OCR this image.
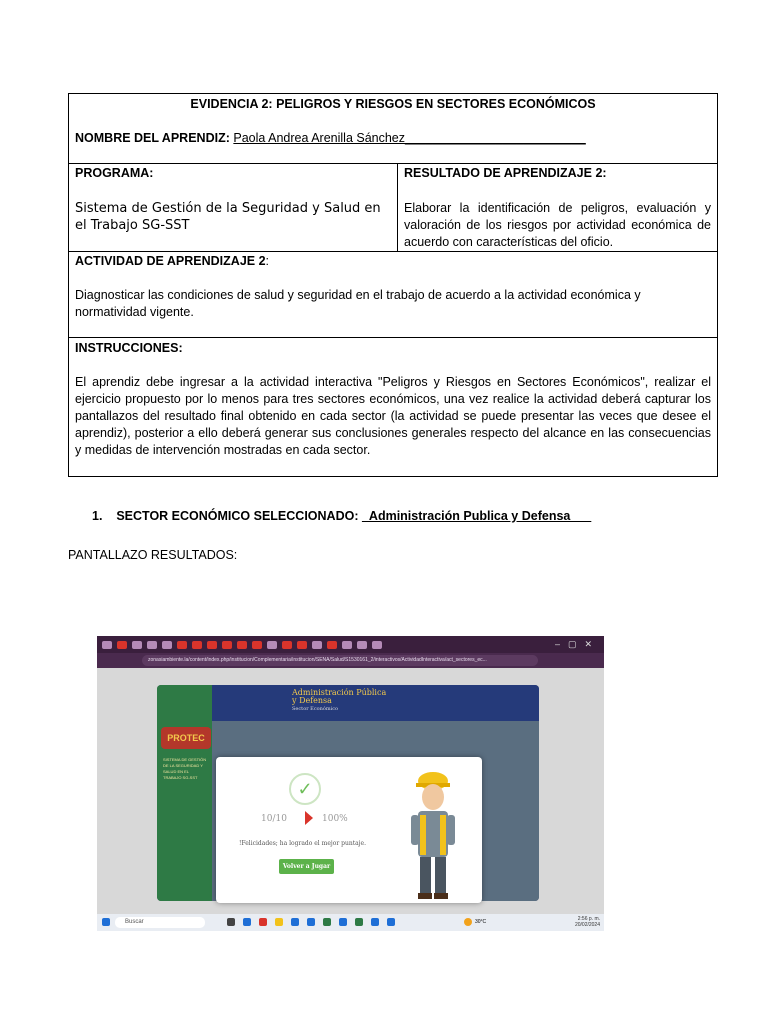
EVIDENCIA 2: PELIGROS Y RIESGOS EN SECTORES ECONÓMICOS
NOMBRE DEL APRENDIZ: Paola Andrea Arenilla Sánchez__________________________

PROGRAMA:
Sistema de Gestión de la Seguridad y Salud en el Trabajo SG-SST

RESULTADO DE APRENDIZAJE 2:
Elaborar la identificación de peligros, evaluación y valoración de los riesgos por actividad económica de acuerdo con características del oficio.

ACTIVIDAD DE APRENDIZAJE 2:
Diagnosticar las condiciones de salud y seguridad en el trabajo de acuerdo a la actividad económica y normatividad vigente.

INSTRUCCIONES:
El aprendiz debe ingresar a la actividad interactiva "Peligros y Riesgos en Sectores Económicos", realizar el ejercicio propuesto por lo menos para tres sectores económicos, una vez realice la actividad deberá capturar los pantallazos del resultado final obtenido en cada sector (la actividad se puede presentar las veces que desee el aprendiz), posterior a ello deberá generar sus conclusiones generales respecto del alcance en las consecuencias y medidas de intervención mostradas en cada sector.
1. SECTOR ECONÓMICO SELECCIONADO: _Administración Publica y Defensa___
PANTALLAZO RESULTADOS:
–▢✕
zonasiambiente.la/content/index.php/institucion/Complementaria/institucion/SENA/Salud/S1530161_2/interactivos/ActividadInteractiva/act_sectores_ec...
PROTEC
SISTEMA DE GESTIÓN DE LA SEGURIDAD Y SALUD EN EL TRABAJO SG-SST
Administración Pública
y Defensa
Sector Económico
✓
10/10	100%
!Felicidades; ha logrado el mejor puntaje.
Volver a Jugar
Buscar	30°C	2:56 p. m.
20/02/2024
